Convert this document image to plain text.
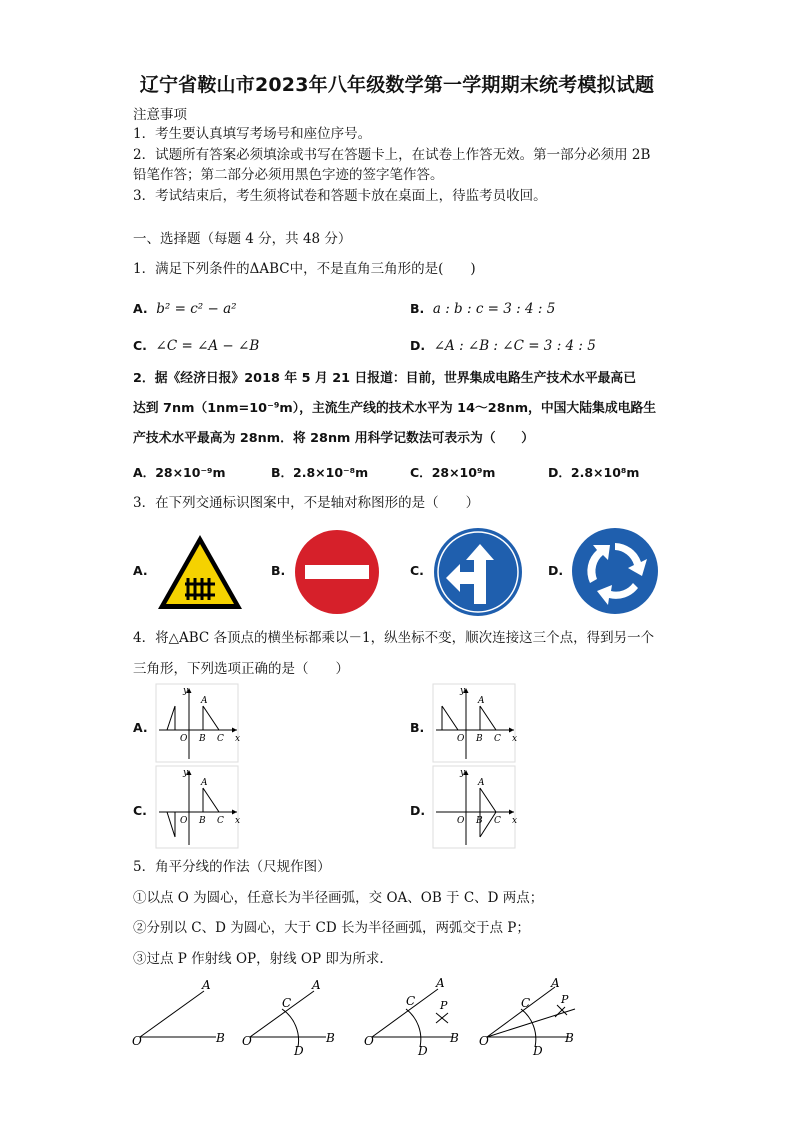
辽宁省鞍山市2023年八年级数学第一学期期末统考模拟试题
注意事项
1．考生要认真填写考场号和座位序号。
2．试题所有答案必须填涂或书写在答题卡上，在试卷上作答无效。第一部分必须用 2B
铅笔作答；第二部分必须用黑色字迹的签字笔作答。
3．考试结束后，考生须将试卷和答题卡放在桌面上，待监考员收回。
一、选择题（每题 4 分，共 48 分）
1．满足下列条件的ΔABC中，不是直角三角形的是(　　)
A. b² = c² − a²	B. a : b : c = 3 : 4 : 5
C. ∠C = ∠A − ∠B	D. ∠A : ∠B : ∠C = 3 : 4 : 5
2．据《经济日报》2018 年 5 月 21 日报道：目前，世界集成电路生产技术水平最高已
达到 7nm（1nm=10⁻⁹m），主流生产线的技术水平为 14～28nm，中国大陆集成电路生
产技术水平最高为 28nm．将 28nm 用科学记数法可表示为（　　）
A．28×10⁻⁹m	B．2.8×10⁻⁸m	C．28×10⁹m	D．2.8×10⁸m
3．在下列交通标识图案中，不是轴对称图形的是（　　）
A.	B.	C.	D.
4．将△ABC 各顶点的横坐标都乘以－1，纵坐标不变，顺次连接这三个点，得到另一个
三角形，下列选项正确的是（　　）
A.
y
x
O
A
B C
B.
y
x
O
A
B C
C.
y
x
O
A
B C
D.
y
x
O
A
B C
5．角平分线的作法（尺规作图）
①以点 O 为圆心，任意长为半径画弧，交 OA、OB 于 C、D 两点；
②分别以 C、D 为圆心，大于 CD 长为半径画弧，两弧交于点 P；
③过点 P 作射线 OP，射线 OP 即为所求.
O
A
B O
A
B
C
D
O
A
B
C
D
P
O
A
B
C
D
P
